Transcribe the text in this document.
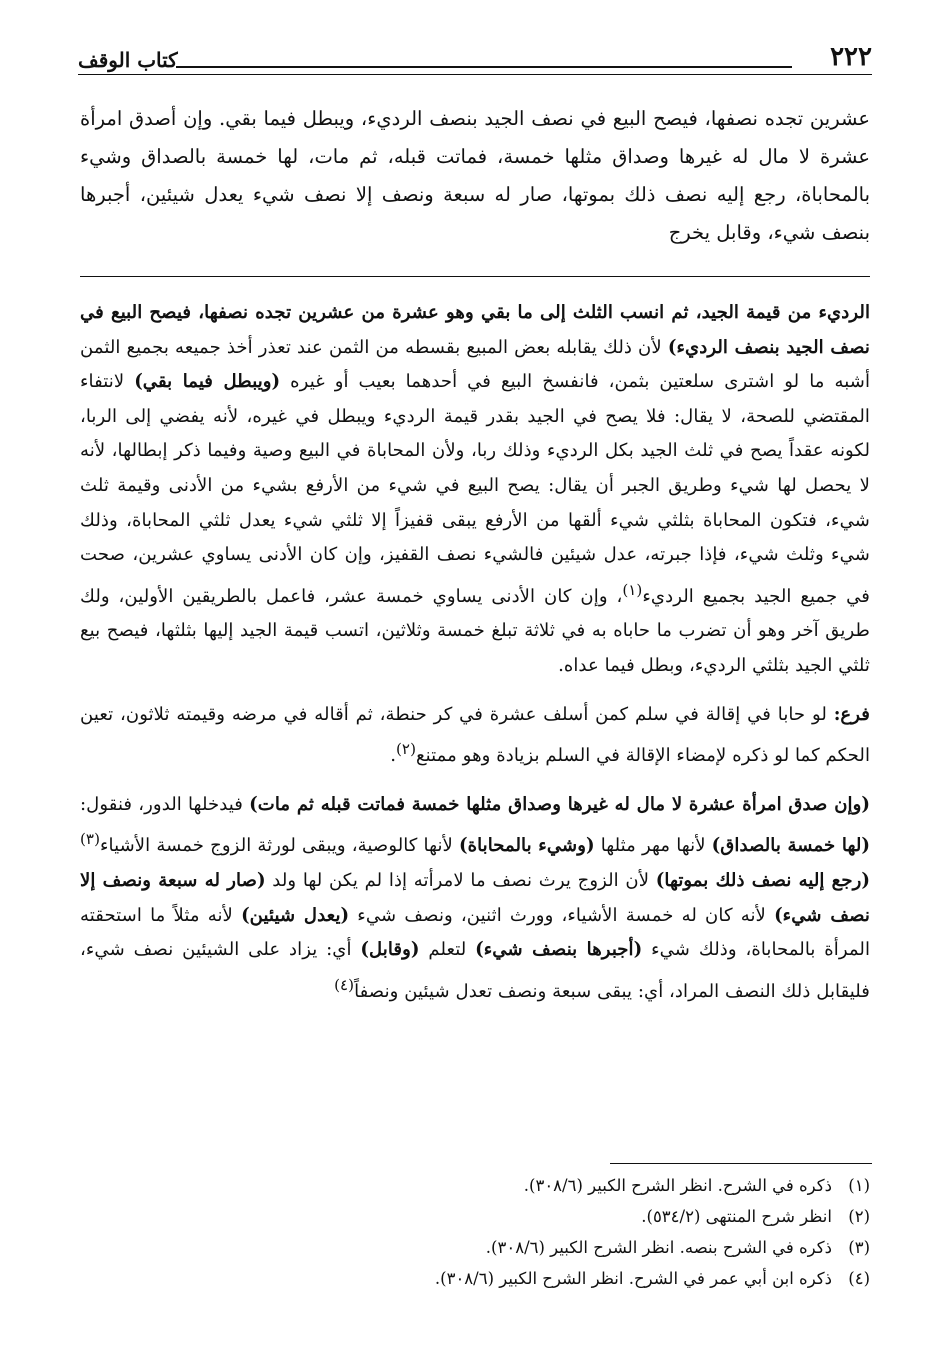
٢٢٢
كتاب الوقف
عشرين تجده نصفها، فيصح البيع في نصف الجيد بنصف الرديء، ويبطل فيما بقي. وإن أصدق امرأة عشرة لا مال له غيرها وصداق مثلها خمسة، فماتت قبله، ثم مات، لها خمسة بالصداق وشيء بالمحاباة، رجع إليه نصف ذلك بموتها، صار له سبعة ونصف إلا نصف شيء يعدل شيئين، أجبرها بنصف شيء، وقابل يخرج

الرديء من قيمة الجيد، ثم انسب الثلث إلى ما بقي وهو عشرة من عشرين تجده نصفها، فيصح البيع في نصف الجيد بنصف الرديء) لأن ذلك يقابله بعض المبيع بقسطه من الثمن عند تعذر أخذ جميعه بجميع الثمن أشبه ما لو اشترى سلعتين بثمن، فانفسخ البيع في أحدهما بعيب أو غيره (ويبطل فيما بقي) لانتفاء المقتضي للصحة، لا يقال: فلا يصح في الجيد بقدر قيمة الرديء ويبطل في غيره، لأنه يفضي إلى الربا، لكونه عقداً يصح في ثلث الجيد بكل الرديء وذلك ربا، ولأن المحاباة في البيع وصية وفيما ذكر إبطالها، لأنه لا يحصل لها شيء وطريق الجبر أن يقال: يصح البيع في شيء من الأرفع بشيء من الأدنى وقيمة ثلث شيء، فتكون المحاباة بثلثي شيء ألقها من الأرفع يبقى قفيزاً إلا ثلثي شيء يعدل ثلثي المحاباة، وذلك شيء وثلث شيء، فإذا جبرته، عدل شيئين فالشيء نصف القفيز، وإن كان الأدنى يساوي عشرين، صحت في جميع الجيد بجميع الرديء$^{(١)}$، وإن كان الأدنى يساوي خمسة عشر، فاعمل بالطريقين الأولين، ولك طريق آخر وهو أن تضرب ما حاباه به في ثلاثة تبلغ خمسة وثلاثين، اتسب قيمة الجيد إليها بثلثها، فيصح بيع ثلثي الجيد بثلثي الرديء، وبطل فيما عداه.

فرع: لو حابا في إقالة في سلم كمن أسلف عشرة في كر حنطة، ثم أقاله في مرضه وقيمته ثلاثون، تعين الحكم كما لو ذكره لإمضاء الإقالة في السلم بزيادة وهو ممتنع$^{(٢)}$.

(وإن صدق امرأة عشرة لا مال له غيرها وصداق مثلها خمسة فماتت قبله ثم مات) فيدخلها الدور، فنقول: (لها خمسة بالصداق) لأنها مهر مثلها (وشيء بالمحاباة) لأنها كالوصية، ويبقى لورثة الزوج خمسة الأشياء$^{(٣)}$ (رجع إليه نصف ذلك بموتها) لأن الزوج يرث نصف ما لامرأته إذا لم يكن لها ولد (صار له سبعة ونصف إلا نصف شيء) لأنه كان له خمسة الأشياء، وورث اثنين، ونصف شيء (يعدل شيئين) لأنه مثلاً ما استحقته المرأة بالمحاباة، وذلك شيء (أجبرها بنصف شيء) لتعلم (وقابل) أي: يزاد على الشيئين نصف شيء، فليقابل ذلك النصف المراد، أي: يبقى سبعة ونصف تعدل شيئين ونصفاً$^{(٤)}$

(١)
ذكره في الشرح. انظر الشرح الكبير (٣٠٨/٦).
(٢)
انظر شرح المنتهى (٥٣٤/٢).
(٣)
ذكره في الشرح بنصه. انظر الشرح الكبير (٣٠٨/٦).
(٤)
ذكره ابن أبي عمر في الشرح. انظر الشرح الكبير (٣٠٨/٦).
